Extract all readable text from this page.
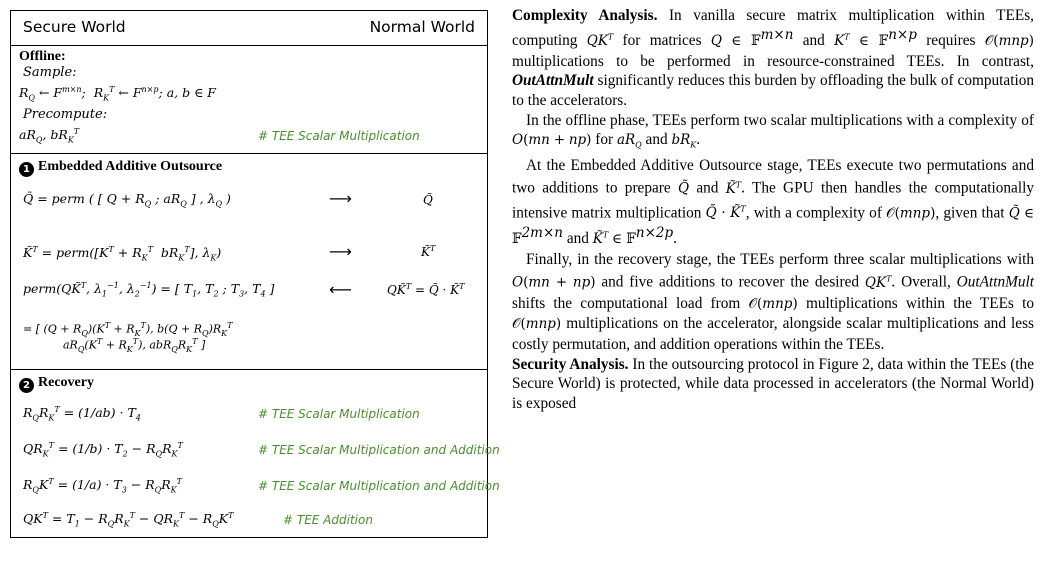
Secure World	Normal World
Offline:
Sample:
$R_Q$ ← $F^{m\times n}$;  $R_K^T$ ← $F^{n\times p}$; a, b ∈ F
Precompute:
$aR_Q$, $bR_K^T$	# TEE Scalar Multiplication
1 Embedded Additive Outsource
Q̃ = perm ( [ $Q + R_Q$ ; $aR_Q$ ] , $\lambda_Q$ )	⟶	Q̃
K̃$^T$ = $perm([K^T + R_K^T$  $bR_K^T$], $\lambda_K$)	⟶	K̃$^T$
perm(QK̃$^T$, $\lambda_1^{-1}$, $\lambda_2^{-1}$) = [ $T_1$, $T_2$ ; $T_3$, $T_4$ ]	⟵	QK̃$^T$ = Q̃ · K̃$^T$
= [ $(Q + R_Q)(K^T + R_K^T)$, $b(Q + R_Q)R_K^T$
$aR_Q(K^T + R_K^T)$, $abR_QR_K^T$ ]
2 Recovery
$R_QR_K^T = (1/ab) \cdot T_4$	# TEE Scalar Multiplication
$QR_K^T = (1/b) \cdot T_2 - R_QR_K^T$	# TEE Scalar Multiplication and Addition
$R_QK^T = (1/a) \cdot T_3 - R_QR_K^T$	# TEE Scalar Multiplication and Addition
$QK^T = T_1 - R_QR_K^T - QR_K^T - R_QK^T$	# TEE Addition

Complexity Analysis. In vanilla secure matrix multiplication within TEEs, computing $QK^T$ for matrices Q ∈ 𝔽$^{m\times n}$ and $K^T$ ∈ 𝔽$^{n\times p}$ requires 𝒪(mnp) multiplications to be performed in resource-constrained TEEs. In contrast, OutAttnMult significantly reduces this burden by offloading the bulk of computation to the accelerators.

In the offline phase, TEEs perform two scalar multiplications with a complexity of O(mn + np) for $aR_Q$ and $bR_K$.

At the Embedded Additive Outsource stage, TEEs execute two permutations and two additions to prepare Q̃ and K̃$^T$. The GPU then handles the computationally intensive matrix multiplication Q̃ · K̃$^T$, with a complexity of 𝒪(mnp), given that Q̃ ∈ 𝔽$^{2m\times n}$ and K̃$^T$ ∈ 𝔽$^{n\times 2p}$.

Finally, in the recovery stage, the TEEs perform three scalar multiplications with O(mn + np) and five additions to recover the desired $QK^T$. Overall, OutAttnMult shifts the computational load from 𝒪(mnp) multiplications within the TEEs to 𝒪(mnp) multiplications on the accelerator, alongside scalar multiplications and less costly permutation, and addition operations within the TEEs.

Security Analysis. In the outsourcing protocol in Figure 2, data within the TEEs (the Secure World) is protected, while data processed in accelerators (the Normal World) is exposed
